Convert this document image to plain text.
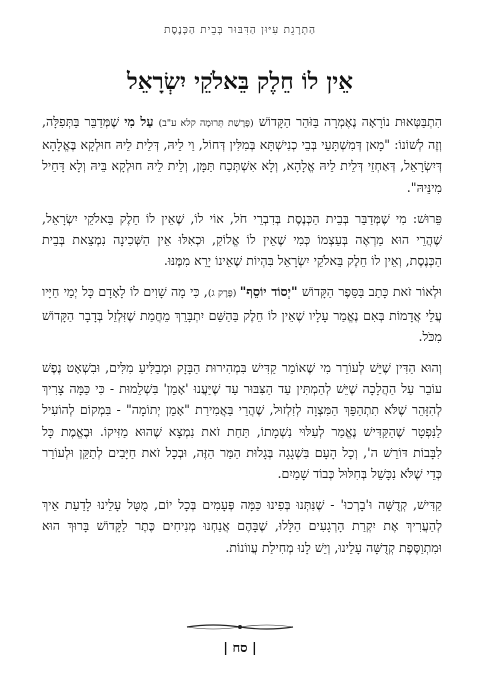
הַתְרָגֵת עִיּוּן הַדִּבּוּר בְּבֵית הַכְּנֶסֶת
אֵין לוֹ חֵלֶק בֵּאלֹקֵי יִשְׂרָאֵל

הִתְבַּטְּאוּת נוֹרָאָה נֶאֶמְרָה בַּזֹּהַר הַקָּדוֹשׁ (פָּרָשַׁת תְּרוּמָה קלא ע"ב) עַל מִי שֶׁמְּדַבֵּר בַּתְּפִלָּה, וְזֶה לְשׁוֹנוֹ: "מָאן דְּמִשְׁתָּעֵי בְּבֵי כְנִישְׁתָּא בְּמִלִּין דְּחוֹל, וַי לֵיהּ, דְּלֵית לֵיהּ חוּלְקָא בֶּאֱלָהָא דְּיִשְׂרָאֵל, דְּאַחְזֵי דְּלֵית לֵיהּ אֱלָהָא, וְלָא אִשְׁתְּכַח תַּמָּן, וְלֵית לֵיהּ חוּלְקָא בֵּיהּ וְלָא דָּחֵיל מִינֵּיהּ".

פֵּרוּשׁ: מִי שֶׁמְּדַבֵּר בְּבֵית הַכְּנֶסֶת בְּדִבְרֵי חֹל, אוֹי לוֹ, שֶׁאֵין לוֹ חֵלֶק בֵּאלֹקֵי יִשְׂרָאֵל, שֶׁהֲרֵי הוּא מַרְאֶה בְּעַצְמוֹ כְּמִי שֶׁאֵין לוֹ אֱלוֹקַ, וּכְאִלּוּ אֵין הַשְּׁכִינָה נִמְצֵאת בְּבֵית הַכְּנֶסֶת, וְאֵין לוֹ חֵלֶק בֵּאלֹקֵי יִשְׂרָאֵל בִּהְיוֹת שֶׁאֵינוֹ יָרֵא מִמֶּנּוּ.

וּלְאוֹר זֹאת כָּתַב בַּסֵּפֶר הַקָּדוֹשׁ "יְסוֹד יוֹסֵף" (פֶּרֶק ג), כִּי מָה שָׁוִים לוֹ לָאָדָם כָּל יְמֵי חַיָּיו עֲלֵי אֲדָמוֹת בְּאִם נֶאֱמַר עָלָיו שֶׁאֵין לוֹ חֵלֶק בַּהַשֵּׁם יִתְבָּרֵךְ מֵחֲמַת שֶׁזִּלְזֵל בְּדָבָר הַקָּדוֹשׁ מִכֹּל.

וְהוּא הַדִּין שֶׁיֵּשׁ לְעוֹרֵר מִי שֶׁאוֹמֵר קַדִּישׁ בִּמְהִירוּת הַבָּזָק וּמְבַלִּיעַ מִלִּים, וּבִשְׁאָט נֶפֶשׁ עוֹבֵר עַל הַהֲלָכָה שֶׁיֵּשׁ לְהַמְתִּין עַד הַצִּבּוּר עַד שֶׁיַּעֲנוּ 'אָמֵן' בִּשְׁלֵמוּת - כִּי כַּמָּה צָרִיךְ לְהִזָּהֵר שֶׁלֹּא תִתְהַפֵּךְ הַמִּצְוָה לְזִלְזוּל, שֶׁהֲרֵי בַּאֲמִירַת "אָמֵן יְתוֹמָה" - בִּמְקוֹם לְהוֹעִיל לַנִּפְטָר שֶׁהַקַּדִּישׁ נֶאֱמַר לְעִלּוּי נִשְׁמָתוֹ, תַּחַת זֹאת נִמְצָא שֶׁהוּא מַזִּיקוֹ. וּבֶאֱמֶת כָּל לִבָּבוֹת דּוֹרֵשׁ ה', וְכָל הָעָם בִּשְׁגָגָה בְּגָלוּת הַמַּר הַזֶּה, וּבְכָל זֹאת חַיָּבִים לְתַקֵּן וּלְעוֹרֵר כְּדֵי שֶׁלֹּא נִכָּשֵׁל בְּחִלּוּל כְּבוֹד שָׁמַיִם.

קַדִּישׁ, קְדֻשָּׁה וּ'בָרְכוּ' - שֶׁנִּתְּנוּ בְּפִינוּ כַּמָּה פְּעָמִים בְּכָל יוֹם, מֻטָּל עָלֵינוּ לָדַעַת אֵיךְ לְהַעֲרִיךְ אֶת יִקְרַת הָרְגָעִים הַלָּלוּ, שֶׁבָּהֶם אֲנַחְנוּ מְנִיחִים כֶּתֶר לַקָּדוֹשׁ בָּרוּךְ הוּא וּמִתְוַסֶּפֶת קְדֻשָּׁה עָלֵינוּ, וְיֵשׁ לָנוּ מְחִילַת עֲווֹנוֹת.

| סח |
